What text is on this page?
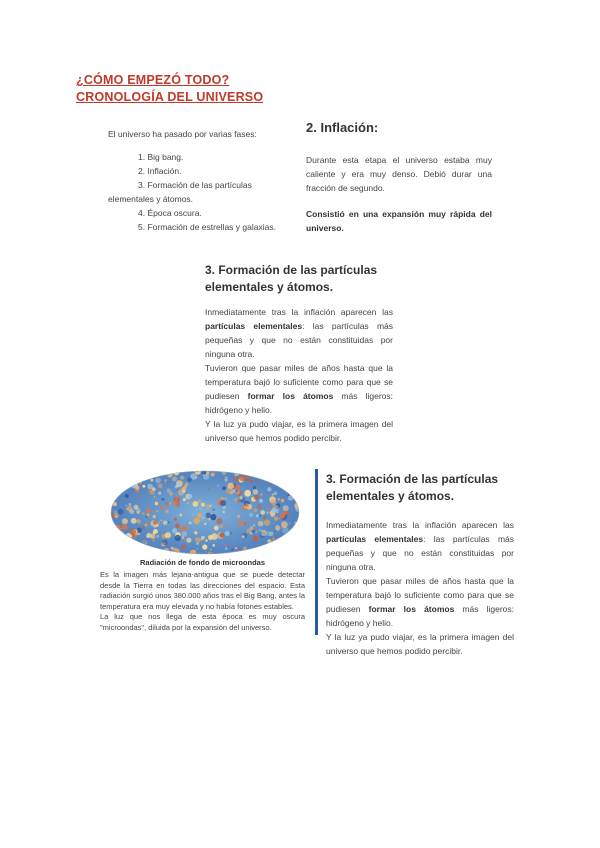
¿CÓMO EMPEZÓ TODO?
CRONOLOGÍA DEL UNIVERSO

El universo ha pasado por varias fases:

1. Big bang.
2. Inflación.
3. Formación de las partículas elementales y átomos.
4. Época oscura.
5. Formación de estrellas y galaxias.
2. Inflación:

Durante esta etapa el universo estaba muy caliente y era muy denso. Debió durar una fracción de segundo.

Consistió en una expansión muy rápida del universo.

3. Formación de las partículas elementales y átomos.

Inmediatamente tras la inflación aparecen las partículas elementales: las partículas más pequeñas y que no están constituidas por ninguna otra.

Tuvieron que pasar miles de años hasta que la temperatura bajó lo suficiente como para que se pudiesen formar los átomos más ligeros: hidrógeno y helio.

Y la luz ya pudo viajar, es la primera imagen del universo que hemos podido percibir.

Radiación de fondo de microondas

Es la imagen más lejana-antigua que se puede detectar desde la Tierra en todas las direcciones del espacio. Esta radiación surgió unos 380.000 años tras el Big Bang, antes la temperatura era muy elevada y no había fotones estables.

La luz que nos llega de esta época es muy oscura "microondas", diluida por la expansión del universo.

3. Formación de las partículas elementales y átomos.

Inmediatamente tras la inflación aparecen las partículas elementales: las partículas más pequeñas y que no están constituidas por ninguna otra.

Tuvieron que pasar miles de años hasta que la temperatura bajó lo suficiente como para que se pudiesen formar los átomos más ligeros: hidrógeno y helio.

Y la luz ya pudo viajar, es la primera imagen del universo que hemos podido percibir.
